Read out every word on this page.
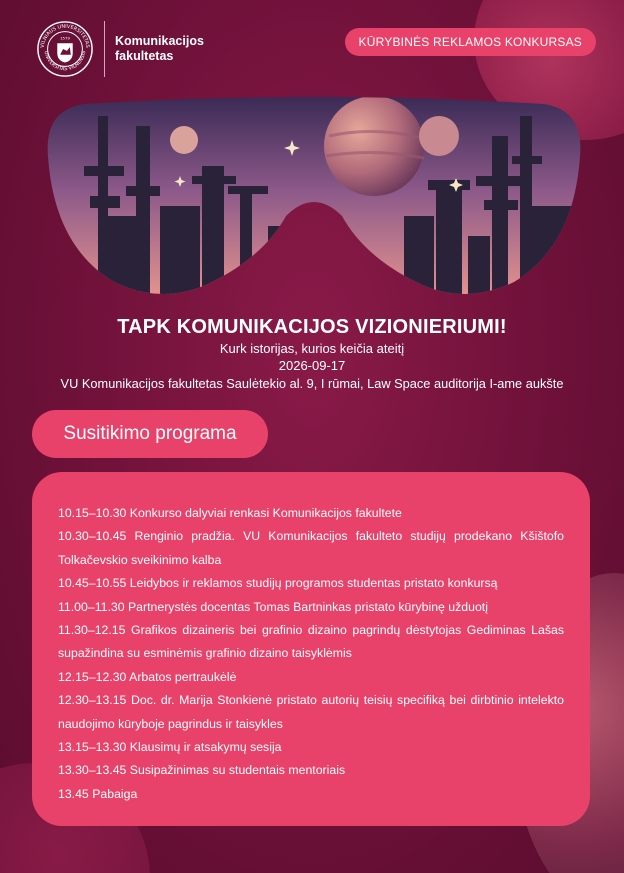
VILNIAUS UNIVERSITETAS
UNIVERSITAS VILNENSIS
1579	Komunikacijos
fakultetas
KŪRYBINĖS REKLAMOS KONKURSAS
TAPK KOMUNIKACIJOS VIZIONIERIUMI!
Kurk istorijas, kurios keičia ateitį
2026-09-17
VU Komunikacijos fakultetas Saulėtekio al. 9, I rūmai, Law Space auditorija I-ame aukšte
Susitikimo programa
10.15–10.30 Konkurso dalyviai renkasi Komunikacijos fakultete
10.30–10.45 Renginio pradžia. VU Komunikacijos fakulteto studijų prodekano Kšištofo Tolkačevskio sveikinimo kalba
10.45–10.55 Leidybos ir reklamos studijų programos studentas pristato konkursą
11.00–11.30 Partnerystės docentas Tomas Bartninkas pristato kūrybinę užduotį
11.30–12.15 Grafikos dizaineris bei grafinio dizaino pagrindų dėstytojas Gediminas Lašas supažindina su esminėmis grafinio dizaino taisyklėmis
12.15–12.30 Arbatos pertraukėlė
12.30–13.15 Doc. dr. Marija Stonkienė pristato autorių teisių specifiką bei dirbtinio intelekto naudojimo kūryboje pagrindus ir taisykles
13.15–13.30 Klausimų ir atsakymų sesija
13.30–13.45 Susipažinimas su studentais mentoriais
13.45 Pabaiga
